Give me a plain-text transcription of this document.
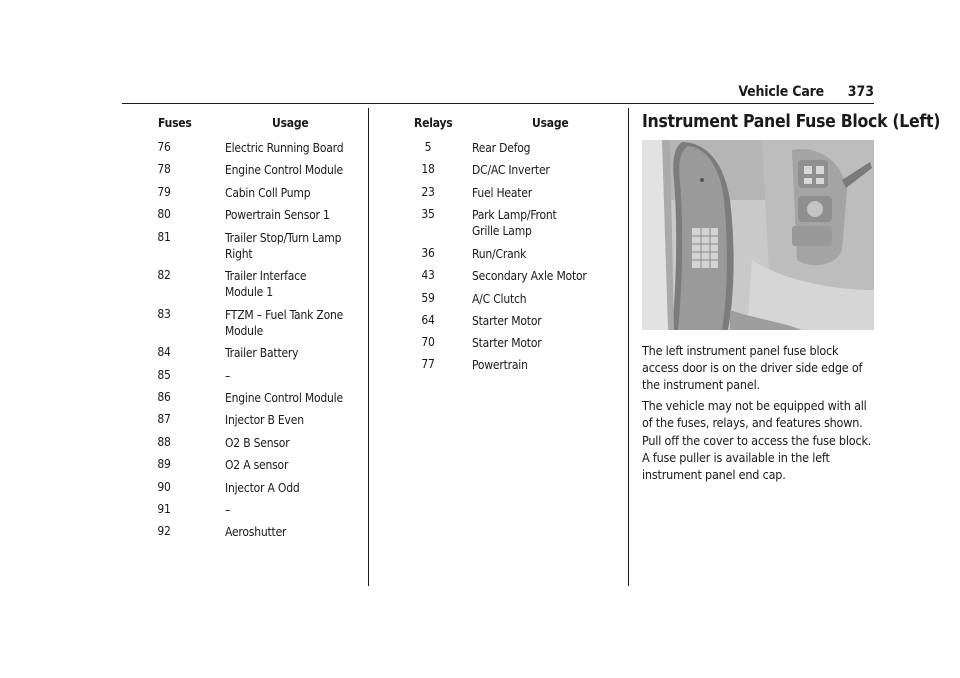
Vehicle Care 373
Fuses	Usage
76	Electric Running Board
78	Engine Control Module
79	Cabin Coll Pump
80	Powertrain Sensor 1
81	Trailer Stop/Turn Lamp
Right
82	Trailer Interface
Module 1
83	FTZM – Fuel Tank Zone
Module
84	Trailer Battery
85	–
86	Engine Control Module
87	Injector B Even
88	O2 B Sensor
89	O2 A sensor
90	Injector A Odd
91	–
92	Aeroshutter
Relays	Usage
5	Rear Defog
18	DC/AC Inverter
23	Fuel Heater
35	Park Lamp/Front
Grille Lamp
36	Run/Crank
43	Secondary Axle Motor
59	A/C Clutch
64	Starter Motor
70	Starter Motor
77	Powertrain
Instrument Panel Fuse Block (Left)
The left instrument panel fuse block access door is on the driver side edge of the instrument panel.
The vehicle may not be equipped with all of the fuses, relays, and features shown.
Pull off the cover to access the fuse block. A fuse puller is available in the left instrument panel end cap.
